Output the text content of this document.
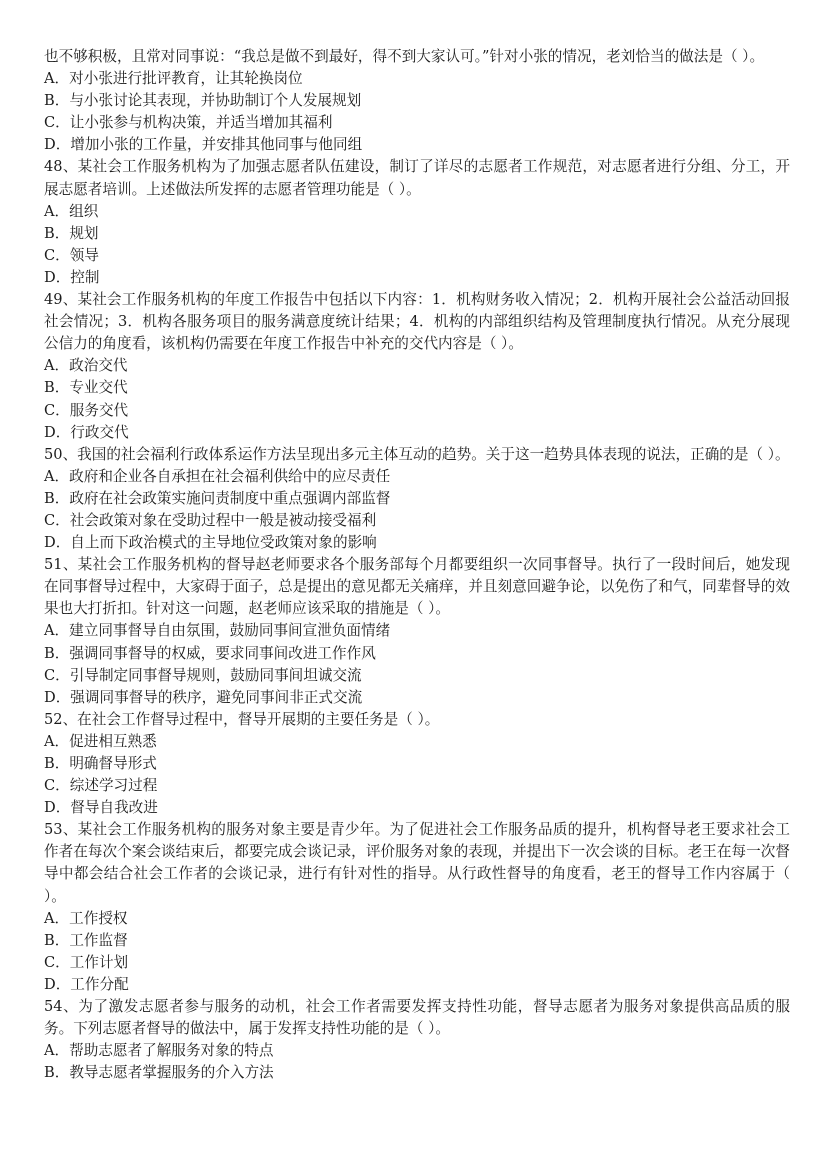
也不够积极，且常对同事说：“我总是做不到最好，得不到大家认可。”针对小张的情况，老刘恰当的做法是（ ）。
A．对小张进行批评教育，让其轮换岗位
B．与小张讨论其表现，并协助制订个人发展规划
C．让小张参与机构决策，并适当增加其福利
D．增加小张的工作量，并安排其他同事与他同组
48、某社会工作服务机构为了加强志愿者队伍建设，制订了详尽的志愿者工作规范，对志愿者进行分组、分工，开展志愿者培训。上述做法所发挥的志愿者管理功能是（ ）。
A．组织
B．规划
C．领导
D．控制
49、某社会工作服务机构的年度工作报告中包括以下内容：1．机构财务收入情况；2．机构开展社会公益活动回报社会情况；3．机构各服务项目的服务满意度统计结果；4．机构的内部组织结构及管理制度执行情况。从充分展现公信力的角度看，该机构仍需要在年度工作报告中补充的交代内容是（ ）。
A．政治交代
B．专业交代
C．服务交代
D．行政交代
50、我国的社会福利行政体系运作方法呈现出多元主体互动的趋势。关于这一趋势具体表现的说法，正确的是（ ）。
A．政府和企业各自承担在社会福利供给中的应尽责任
B．政府在社会政策实施问责制度中重点强调内部监督
C．社会政策对象在受助过程中一般是被动接受福利
D．自上而下政治模式的主导地位受政策对象的影响
51、某社会工作服务机构的督导赵老师要求各个服务部每个月都要组织一次同事督导。执行了一段时间后，她发现在同事督导过程中，大家碍于面子，总是提出的意见都无关痛痒，并且刻意回避争论，以免伤了和气，同辈督导的效果也大打折扣。针对这一问题，赵老师应该采取的措施是（ ）。
A．建立同事督导自由氛围，鼓励同事间宣泄负面情绪
B．强调同事督导的权威，要求同事间改进工作作风
C．引导制定同事督导规则，鼓励同事间坦诚交流
D．强调同事督导的秩序，避免同事间非正式交流
52、在社会工作督导过程中，督导开展期的主要任务是（ ）。
A．促进相互熟悉
B．明确督导形式
C．综述学习过程
D．督导自我改进
53、某社会工作服务机构的服务对象主要是青少年。为了促进社会工作服务品质的提升，机构督导老王要求社会工作者在每次个案会谈结束后，都要完成会谈记录，评价服务对象的表现，并提出下一次会谈的目标。老王在每一次督导中都会结合社会工作者的会谈记录，进行有针对性的指导。从行政性督导的角度看，老王的督导工作内容属于（ ）。
A．工作授权
B．工作监督
C．工作计划
D．工作分配
54、为了激发志愿者参与服务的动机，社会工作者需要发挥支持性功能，督导志愿者为服务对象提供高品质的服务。下列志愿者督导的做法中，属于发挥支持性功能的是（ ）。
A．帮助志愿者了解服务对象的特点
B．教导志愿者掌握服务的介入方法
